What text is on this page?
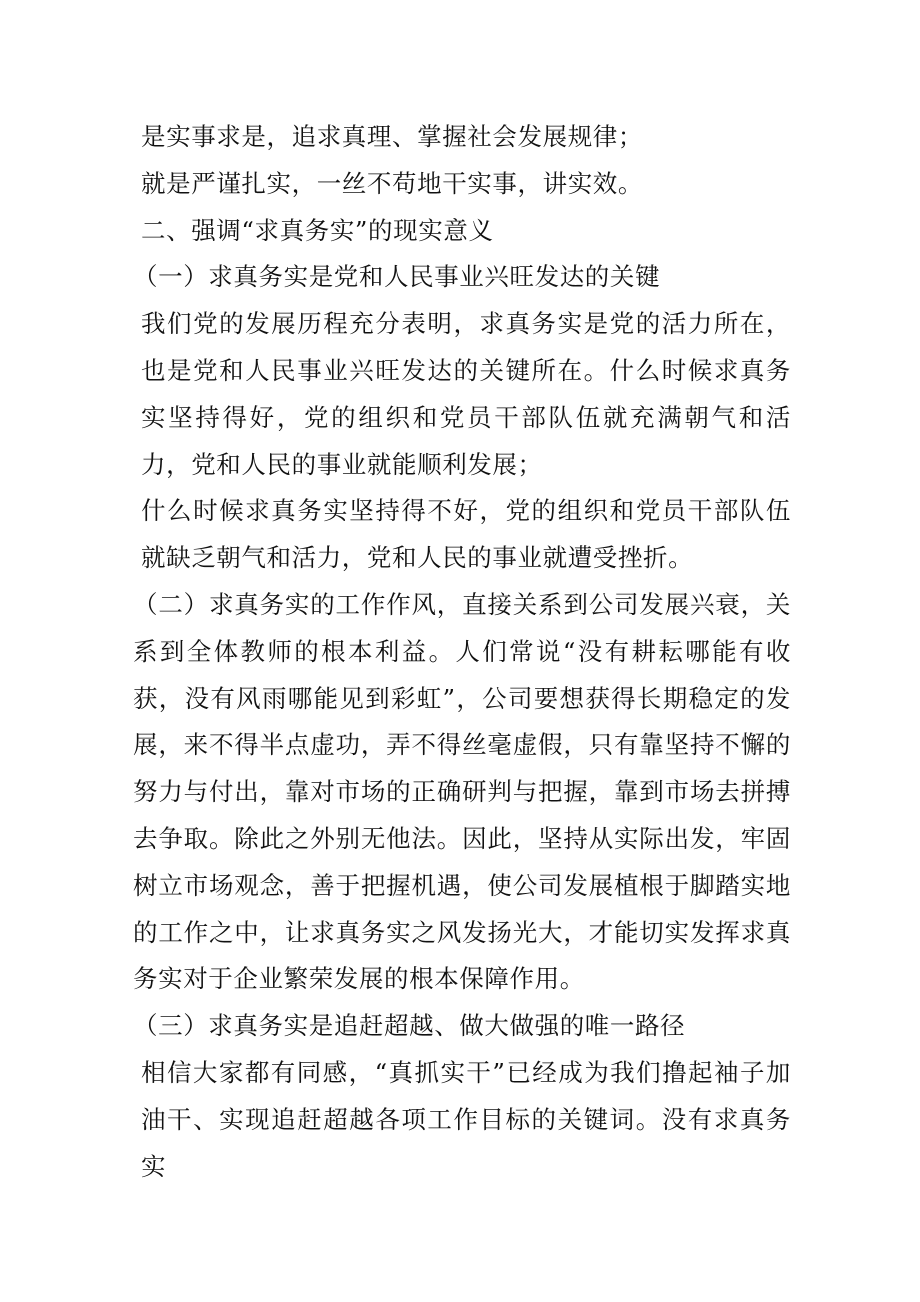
是实事求是，追求真理、掌握社会发展规律；

就是严谨扎实，一丝不苟地干实事，讲实效。

二、强调“求真务实”的现实意义

（一）求真务实是党和人民事业兴旺发达的关键

我们党的发展历程充分表明，求真务实是党的活力所在，也是党和人民事业兴旺发达的关键所在。什么时候求真务实坚持得好，党的组织和党员干部队伍就充满朝气和活力，党和人民的事业就能顺利发展；

什么时候求真务实坚持得不好，党的组织和党员干部队伍就缺乏朝气和活力，党和人民的事业就遭受挫折。

（二）求真务实的工作作风，直接关系到公司发展兴衰，关系到全体教师的根本利益。人们常说“没有耕耘哪能有收获，没有风雨哪能见到彩虹”，公司要想获得长期稳定的发展，来不得半点虚功，弄不得丝毫虚假，只有靠坚持不懈的努力与付出，靠对市场的正确研判与把握，靠到市场去拼搏去争取。除此之外别无他法。因此，坚持从实际出发，牢固树立市场观念，善于把握机遇，使公司发展植根于脚踏实地的工作之中，让求真务实之风发扬光大，才能切实发挥求真务实对于企业繁荣发展的根本保障作用。

（三）求真务实是追赶超越、做大做强的唯一路径

相信大家都有同感，“真抓实干”已经成为我们撸起袖子加油干、实现追赶超越各项工作目标的关键词。没有求真务实
